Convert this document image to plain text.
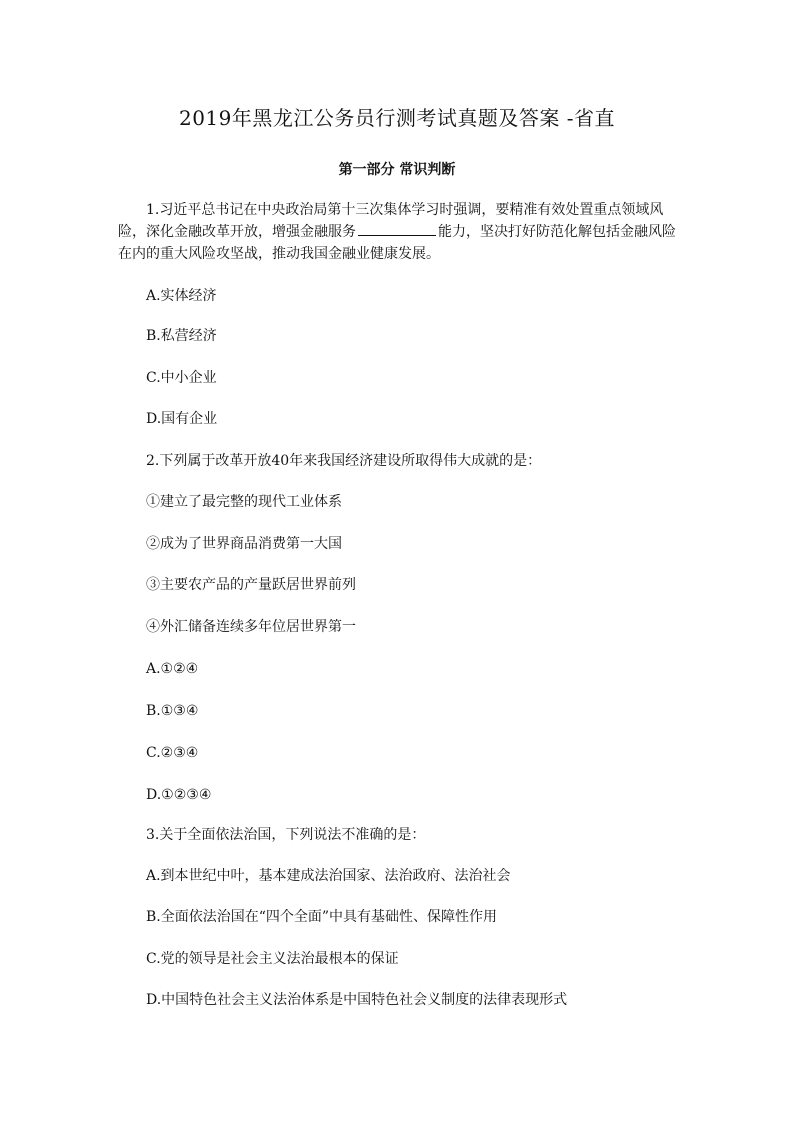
2019年黑龙江公务员行测考试真题及答案 -省直
第一部分 常识判断
1.习近平总书记在中央政治局第十三次集体学习时强调，要精准有效处置重点领域风险，深化金融改革开放，增强金融服务	能力，坚决打好防范化解包括金融风险在内的重大风险攻坚战，推动我国金融业健康发展。
A.实体经济
B.私营经济
C.中小企业
D.国有企业
2.下列属于改革开放40年来我国经济建设所取得伟大成就的是：
①建立了最完整的现代工业体系
②成为了世界商品消费第一大国
③主要农产品的产量跃居世界前列
④外汇储备连续多年位居世界第一
A.①②④
B.①③④
C.②③④
D.①②③④
3.关于全面依法治国，下列说法不准确的是：
A.到本世纪中叶，基本建成法治国家、法治政府、法治社会
B.全面依法治国在“四个全面”中具有基础性、保障性作用
C.党的领导是社会主义法治最根本的保证
D.中国特色社会主义法治体系是中国特色社会义制度的法律表现形式
